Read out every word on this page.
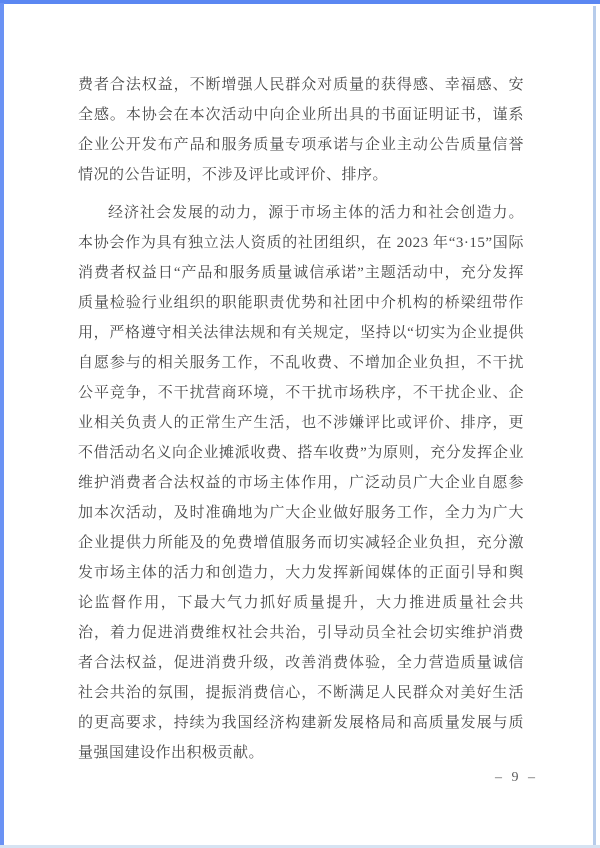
费者合法权益，不断增强人民群众对质量的获得感、幸福感、安全感。本协会在本次活动中向企业所出具的书面证明证书，谨系企业公开发布产品和服务质量专项承诺与企业主动公告质量信誉情况的公告证明，不涉及评比或评价、排序。

经济社会发展的动力，源于市场主体的活力和社会创造力。本协会作为具有独立法人资质的社团组织，在 2023 年“3·15”国际消费者权益日“产品和服务质量诚信承诺”主题活动中，充分发挥质量检验行业组织的职能职责优势和社团中介机构的桥梁纽带作用，严格遵守相关法律法规和有关规定，坚持以“切实为企业提供自愿参与的相关服务工作，不乱收费、不增加企业负担，不干扰公平竞争，不干扰营商环境，不干扰市场秩序，不干扰企业、企业相关负责人的正常生产生活，也不涉嫌评比或评价、排序，更不借活动名义向企业摊派收费、搭车收费”为原则，充分发挥企业维护消费者合法权益的市场主体作用，广泛动员广大企业自愿参加本次活动，及时准确地为广大企业做好服务工作，全力为广大企业提供力所能及的免费增值服务而切实减轻企业负担，充分激发市场主体的活力和创造力，大力发挥新闻媒体的正面引导和舆论监督作用，下最大气力抓好质量提升，大力推进质量社会共治，着力促进消费维权社会共治，引导动员全社会切实维护消费者合法权益，促进消费升级，改善消费体验，全力营造质量诚信社会共治的氛围，提振消费信心，不断满足人民群众对美好生活的更高要求，持续为我国经济构建新发展格局和高质量发展与质量强国建设作出积极贡献。

– 9 –
